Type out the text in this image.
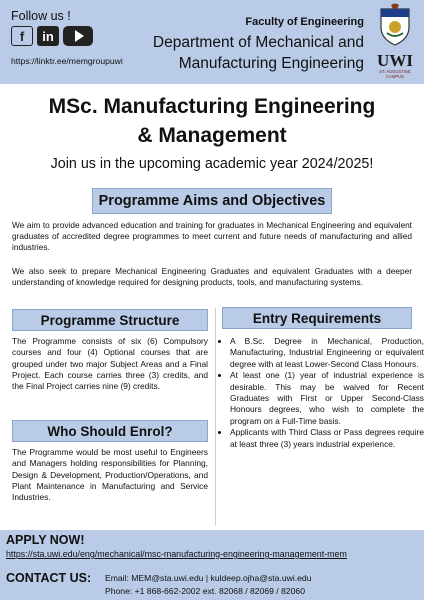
Follow us !
f in
https://linktr.ee/memgroupuwi
Faculty of Engineering
Department of Mechanical and
Manufacturing Engineering UWI
ST. AUGUSTINE
CAMPUS
MSc. Manufacturing Engineering
& Management
Join us in the upcoming academic year 2024/2025!
Programme Aims and Objectives
We aim to provide advanced education and training for graduates in Mechanical Engineering and equivalent graduates of accredited degree programmes to meet current and future needs of manufacturing and allied industries.
We also seek to prepare Mechanical Engineering Graduates and equivalent Graduates with a deeper understanding of knowledge required for designing products, tools, and manufacturing systems.
Programme Structure
The Programme consists of six (6) Compulsory courses and four (4) Optional courses that are grouped under two major Subject Areas and a Final Project. Each course carries three (3) credits, and the Final Project carries nine (9) credits.
Who Should Enrol?
The Programme would be most useful to Engineers and Managers holding responsibilities for Planning, Design & Development, Production/Operations, and Plant Maintenance in Manufacturing and Service Industries.
Entry Requirements
• A B.Sc. Degree in Mechanical, Production, Manufacturing, Industrial Engineering or equivalent degree with at least Lower-Second Class Honours.
• At least one (1) year of industrial experience is desirable. This may be waived for Recent Graduates with First or Upper Second-Class Honours degrees, who wish to complete the program on a Full-Time basis.
• Applicants with Third Class or Pass degrees require at least three (3) years industrial experience.
APPLY NOW!
https://sta.uwi.edu/eng/mechanical/msc-manufacturing-engineering-management-mem
CONTACT US: Email: MEM@sta.uwi.edu | kuldeep.ojha@sta.uwi.edu
Phone: +1 868-662-2002 ext. 82068 / 82069 / 82060
